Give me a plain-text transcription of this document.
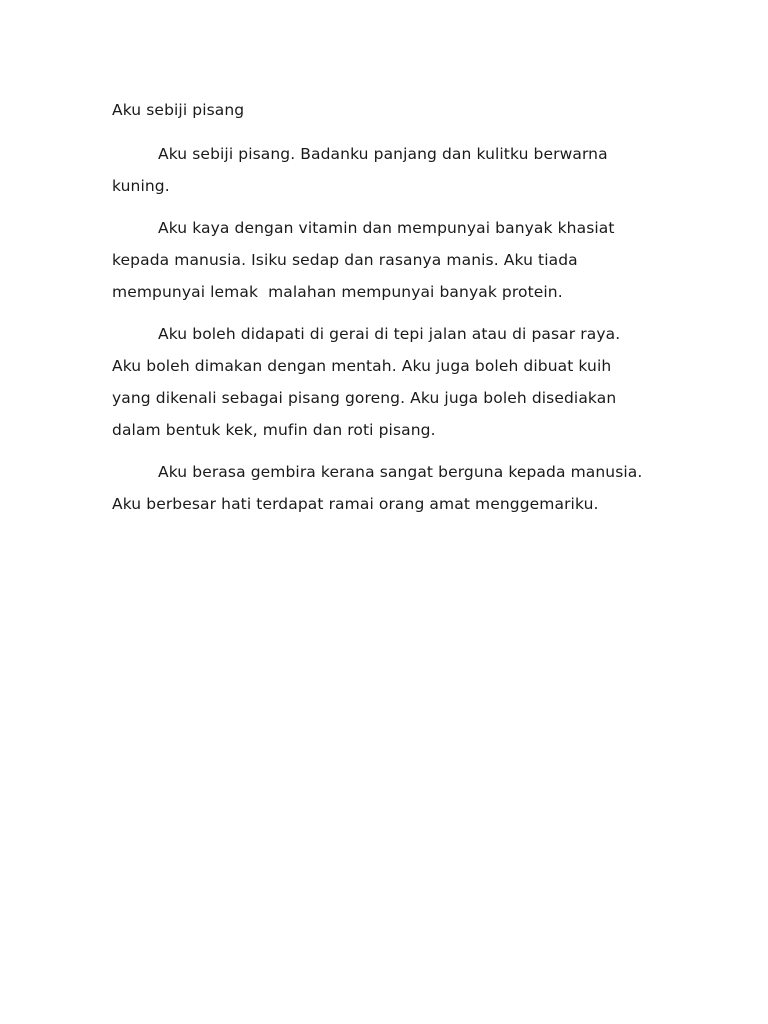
Aku sebiji pisang
Aku sebiji pisang. Badanku panjang dan kulitku berwarna
kuning.
Aku kaya dengan vitamin dan mempunyai banyak khasiat
kepada manusia. Isiku sedap dan rasanya manis. Aku tiada
mempunyai lemak  malahan mempunyai banyak protein.
Aku boleh didapati di gerai di tepi jalan atau di pasar raya.
Aku boleh dimakan dengan mentah. Aku juga boleh dibuat kuih
yang dikenali sebagai pisang goreng. Aku juga boleh disediakan
dalam bentuk kek, mufin dan roti pisang.
Aku berasa gembira kerana sangat berguna kepada manusia.
Aku berbesar hati terdapat ramai orang amat menggemariku.
